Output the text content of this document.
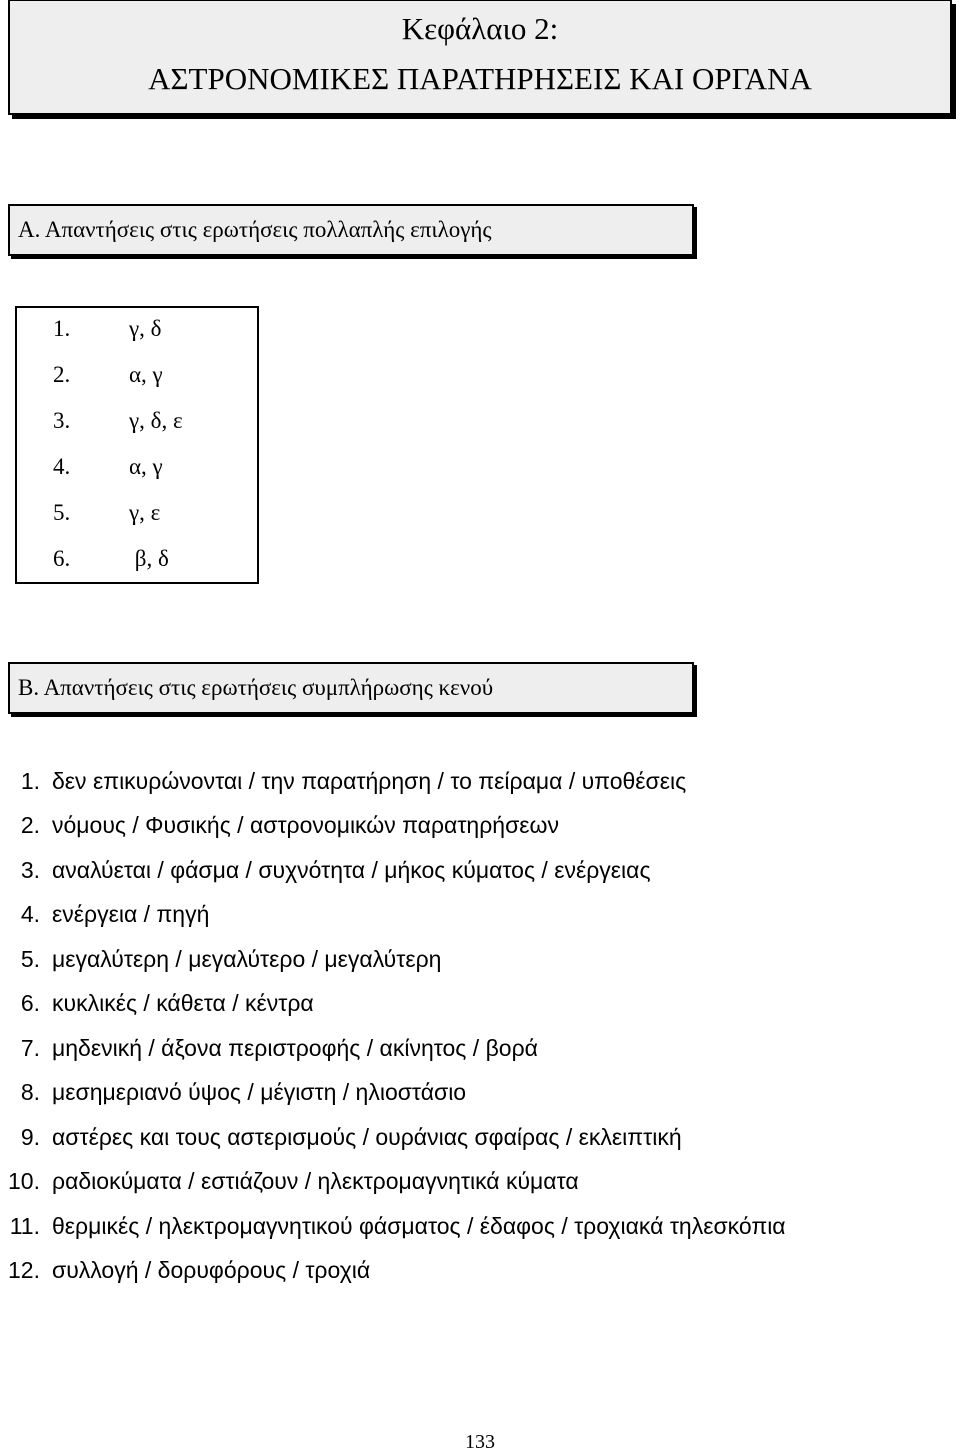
Κεφάλαιο 2:
ΑΣΤΡΟΝΟΜΙΚΕΣ ΠΑΡΑΤΗΡΗΣΕΙΣ ΚΑΙ ΟΡΓΑΝΑ
Α. Απαντήσεις στις ερωτήσεις πολλαπλής επιλογής
1.	γ, δ
2.	α, γ
3.	γ, δ, ε
4.	α, γ
5.	γ, ε
6.	β, δ
Β. Απαντήσεις στις ερωτήσεις συμπλήρωσης κενού
1. δεν επικυρώνονται / την παρατήρηση / το πείραμα / υποθέσεις
2. νόμους / Φυσικής / αστρονομικών παρατηρήσεων
3. αναλύεται / φάσμα / συχνότητα / μήκος κύματος / ενέργειας
4. ενέργεια / πηγή
5. μεγαλύτερη / μεγαλύτερο / μεγαλύτερη
6. κυκλικές / κάθετα / κέντρα
7. μηδενική / άξονα περιστροφής / ακίνητος / βορά
8. μεσημεριανό ύψος / μέγιστη / ηλιοστάσιο
9. αστέρες και τους αστερισμούς / ουράνιας σφαίρας / εκλειπτική
10. ραδιοκύματα / εστιάζουν / ηλεκτρομαγνητικά κύματα
11. θερμικές / ηλεκτρομαγνητικού φάσματος / έδαφος / τροχιακά τηλεσκόπια
12. συλλογή / δορυφόρους / τροχιά
133
